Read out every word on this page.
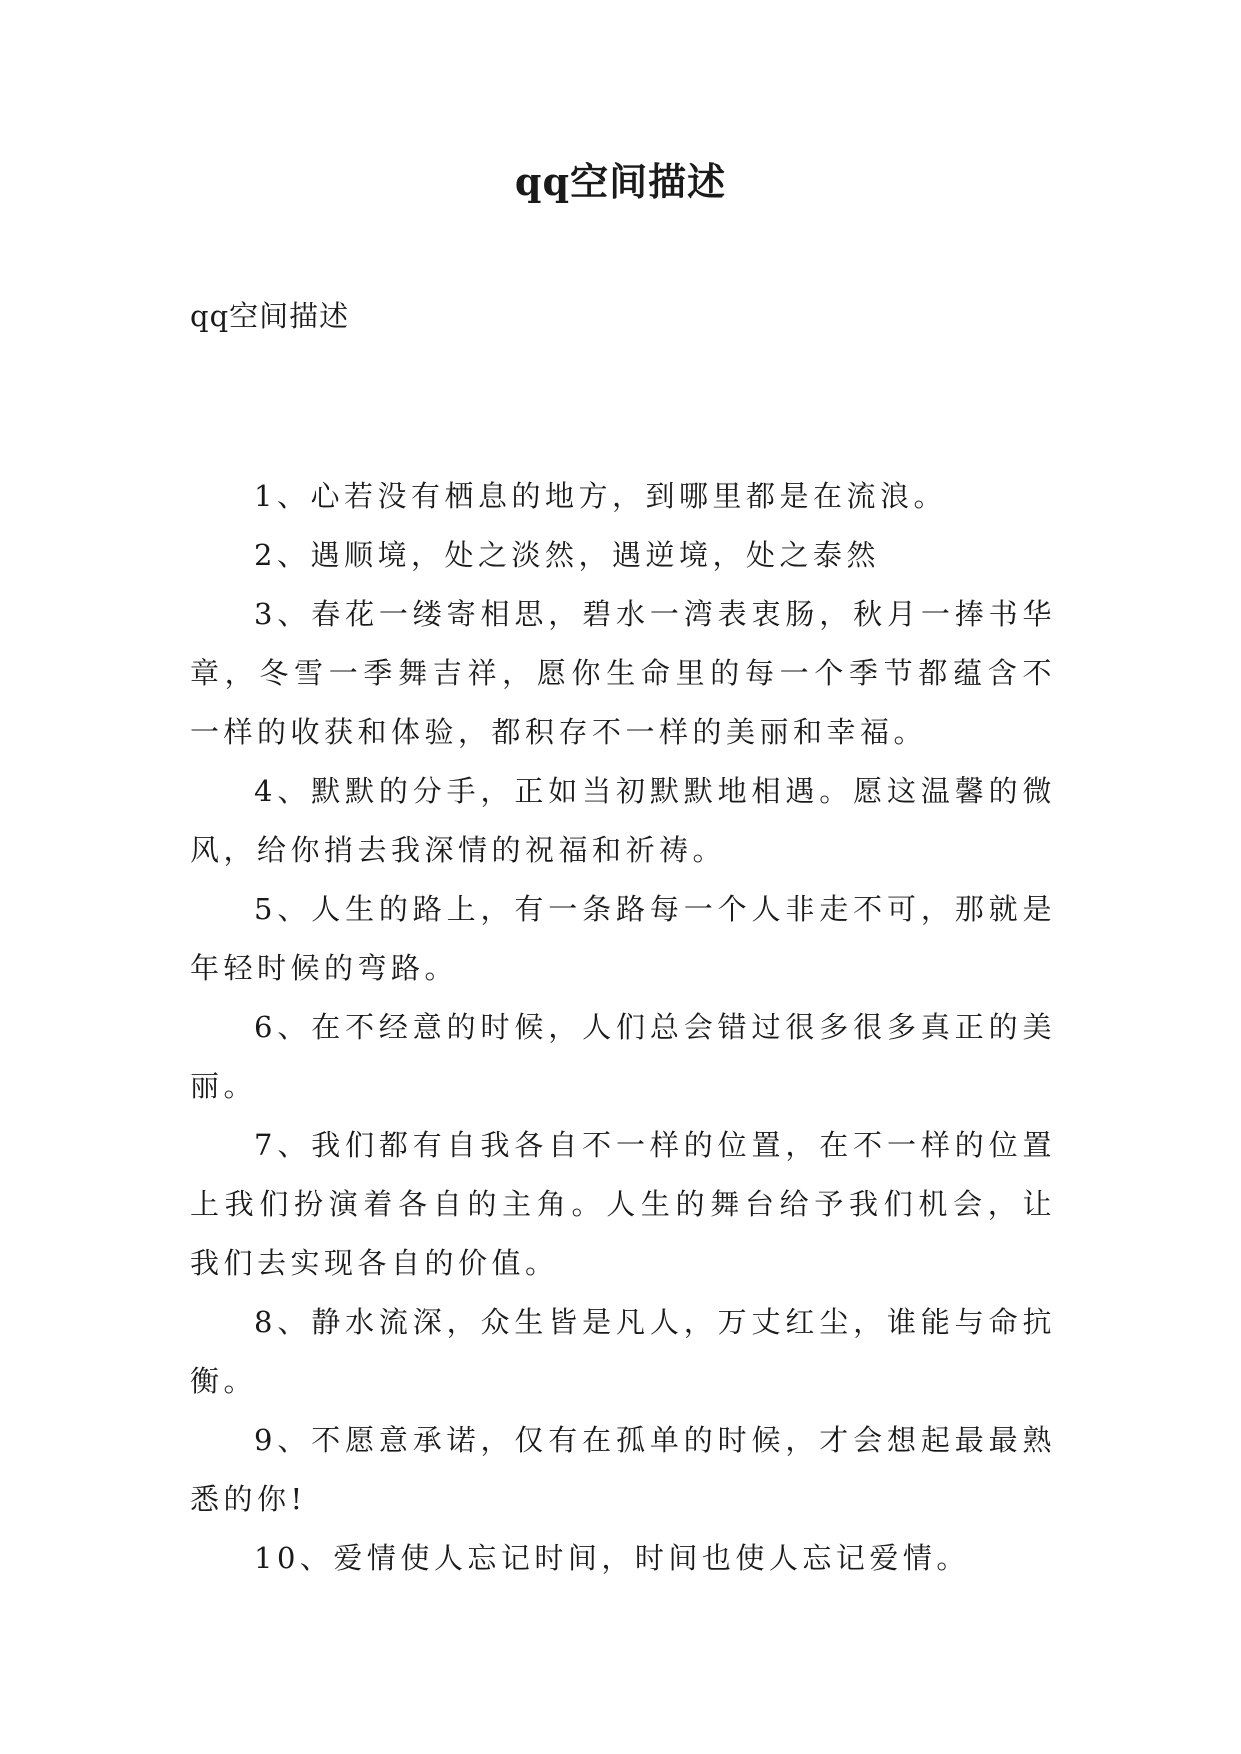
qq空间描述
qq空间描述

1、心若没有栖息的地方，到哪里都是在流浪。

2、遇顺境，处之淡然，遇逆境，处之泰然

3、春花一缕寄相思，碧水一湾表衷肠，秋月一捧书华章，冬雪一季舞吉祥，愿你生命里的每一个季节都蕴含不一样的收获和体验，都积存不一样的美丽和幸福。

4、默默的分手，正如当初默默地相遇。愿这温馨的微风，给你捎去我深情的祝福和祈祷。

5、人生的路上，有一条路每一个人非走不可，那就是年轻时候的弯路。

6、在不经意的时候，人们总会错过很多很多真正的美丽。

7、我们都有自我各自不一样的位置，在不一样的位置上我们扮演着各自的主角。人生的舞台给予我们机会，让我们去实现各自的价值。

8、静水流深，众生皆是凡人，万丈红尘，谁能与命抗衡。

9、不愿意承诺，仅有在孤单的时候，才会想起最最熟悉的你!

10、爱情使人忘记时间，时间也使人忘记爱情。
